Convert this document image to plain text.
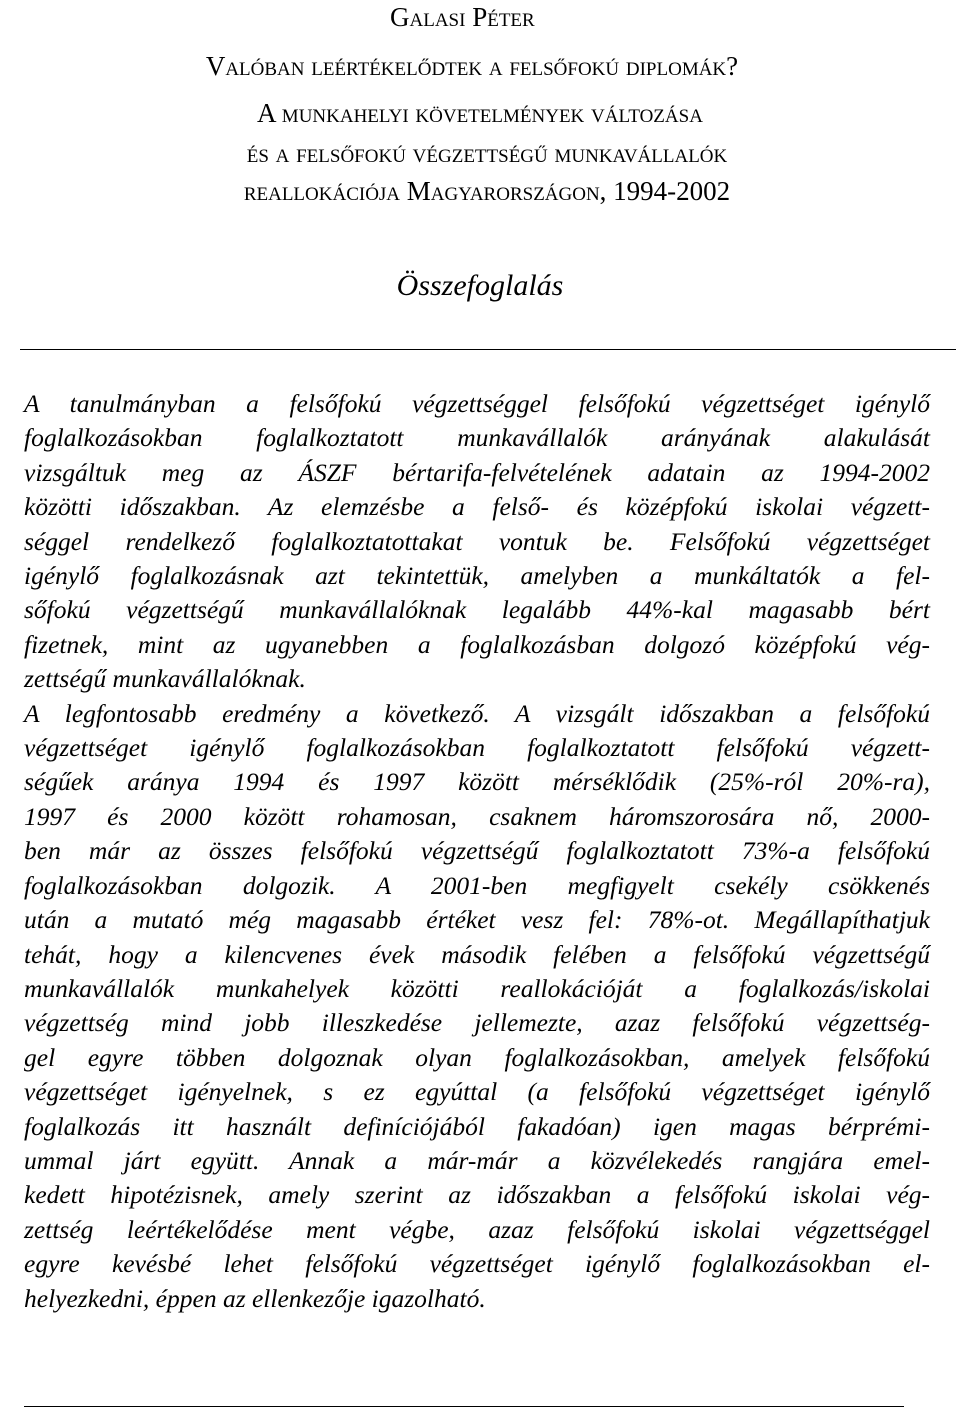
Galasi Péter
Valóban leértékelődtek a felsőfokú diplomák?
A munkahelyi követelmények változása
és a felsőfokú végzettségű munkavállalók
reallokációja Magyarországon, 1994-2002
Összefoglalás
A tanulmányban a felsőfokú végzettséggel felsőfokú végzettséget igénylő
foglalkozásokban foglalkoztatott munkavállalók arányának alakulását
vizsgáltuk meg az ÁSZF bértarifa-felvételének adatain az 1994-2002
közötti időszakban. Az elemzésbe a felső- és középfokú iskolai végzett-
séggel rendelkező foglalkoztatottakat vontuk be. Felsőfokú végzettséget
igénylő foglalkozásnak azt tekintettük, amelyben a munkáltatók a fel-
sőfokú végzettségű munkavállalóknak legalább 44%-kal magasabb bért
fizetnek, mint az ugyanebben a foglalkozásban dolgozó középfokú vég-
zettségű munkavállalóknak.
A legfontosabb eredmény a következő. A vizsgált időszakban a felsőfokú
végzettséget igénylő foglalkozásokban foglalkoztatott felsőfokú végzett-
ségűek aránya 1994 és 1997 között mérséklődik (25%-ról 20%-ra),
1997 és 2000 között rohamosan, csaknem háromszorosára nő, 2000-
ben már az összes felsőfokú végzettségű foglalkoztatott 73%-a felsőfokú
foglalkozásokban dolgozik. A 2001-ben megfigyelt csekély csökkenés
után a mutató még magasabb értéket vesz fel: 78%-ot. Megállapíthatjuk
tehát, hogy a kilencvenes évek második felében a felsőfokú végzettségű
munkavállalók munkahelyek közötti reallokációját a foglalkozás/iskolai
végzettség mind jobb illeszkedése jellemezte, azaz felsőfokú végzettség-
gel egyre többen dolgoznak olyan foglalkozásokban, amelyek felsőfokú
végzettséget igényelnek, s ez egyúttal (a felsőfokú végzettséget igénylő
foglalkozás itt használt definíciójából fakadóan) igen magas bérprémi-
ummal járt együtt. Annak a már-már a közvélekedés rangjára emel-
kedett hipotézisnek, amely szerint az időszakban a felsőfokú iskolai vég-
zettség leértékelődése ment végbe, azaz felsőfokú iskolai végzettséggel
egyre kevésbé lehet felsőfokú végzettséget igénylő foglalkozásokban el-
helyezkedni, éppen az ellenkezője igazolható.
